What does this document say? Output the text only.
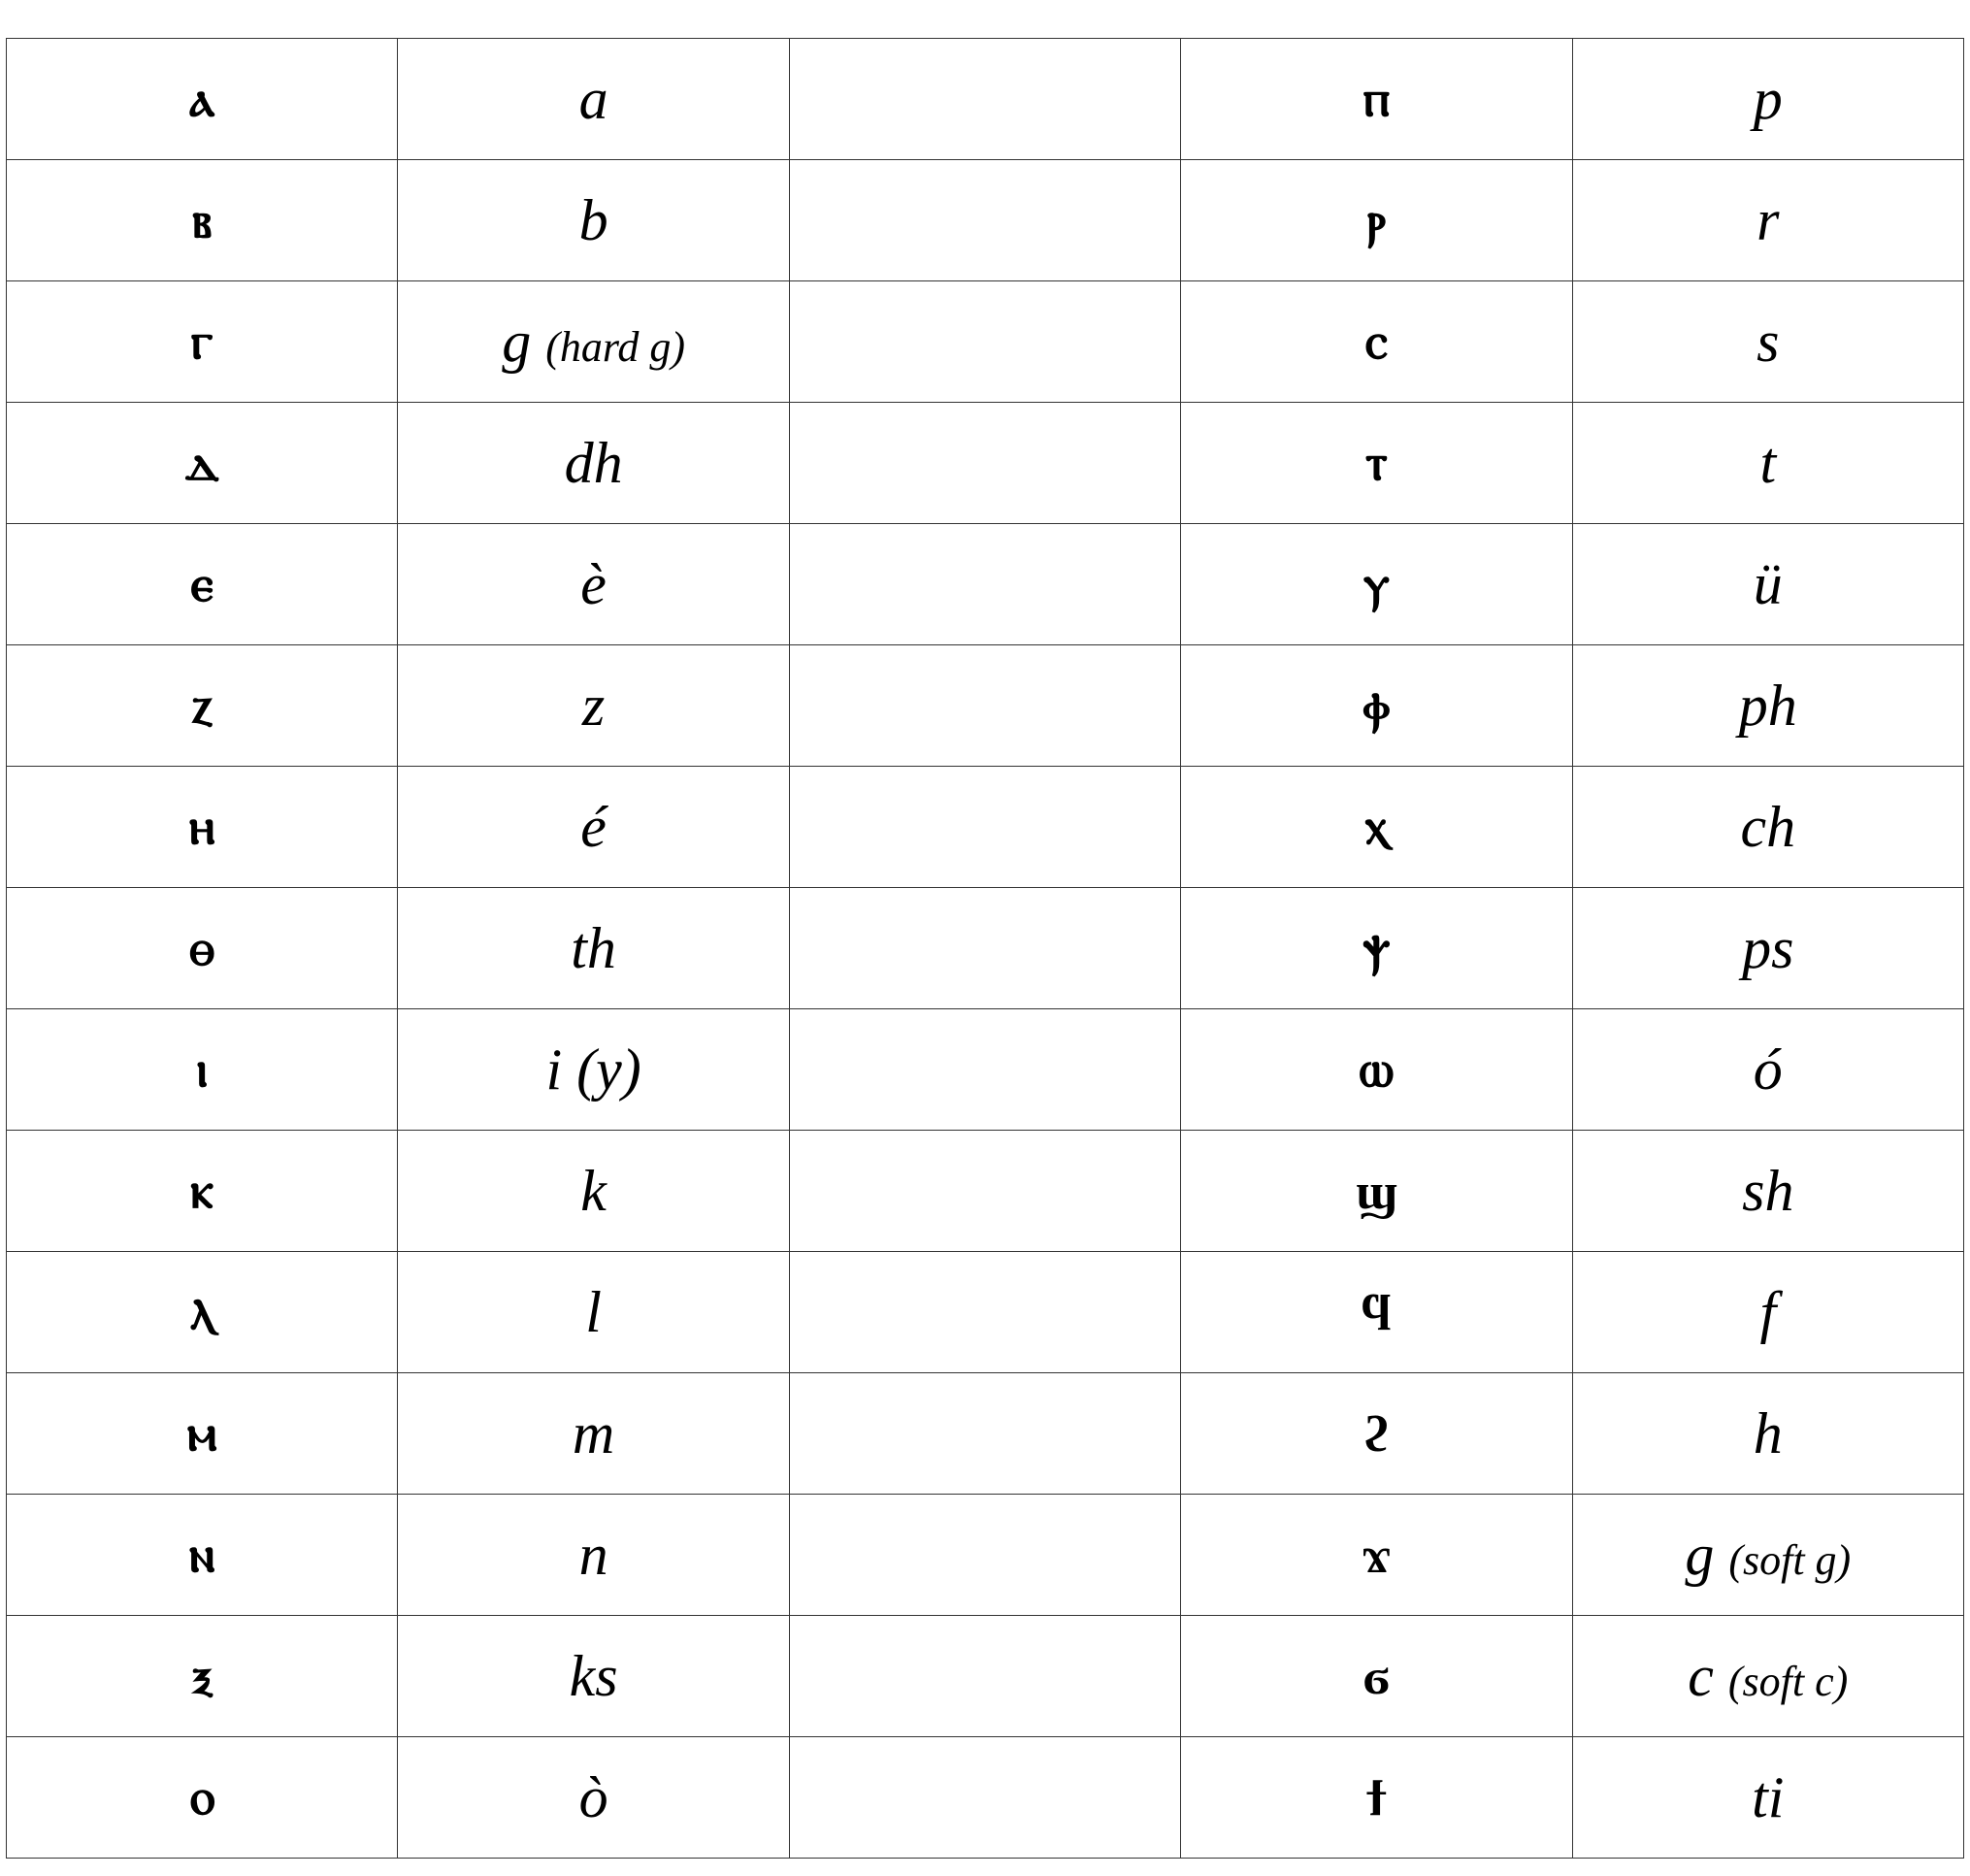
ⲁ	a		ⲡ	p
ⲃ	b		ⲣ	r
ⲅ	g (hard g)		ⲥ	s
ⲇ	dh		ⲧ	t
ⲉ	è		ⲩ	ü
ⲍ	z		ⲫ	ph
ⲏ	é		ⲭ	ch
ⲑ	th		ⲯ	ps
ⲓ	i (y)		ⲱ	ó
ⲕ	k		ϣ	sh
ⲗ	l		ϥ	f
ⲙ	m		ϩ	h
ⲛ	n		ϫ	g (soft g)
ⲝ	ks		ϭ	c (soft c)
ⲟ	ò		ϯ	ti
